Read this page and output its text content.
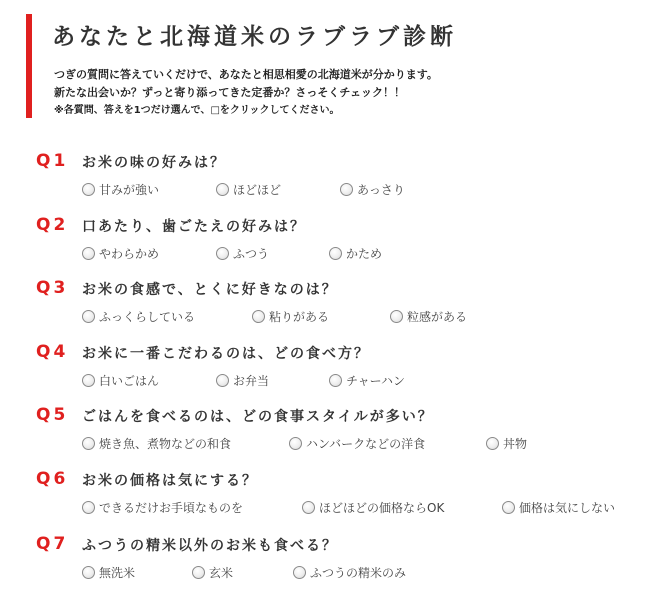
あなたと北海道米のラブラブ診断
つぎの質問に答えていくだけで、あなたと相思相愛の北海道米が分かります。
新たな出会いか？ずっと寄り添ってきた定番か？さっそくチェック！！
※各質問、答えを1つだけ選んで、□をクリックしてください。
Q1 お米の味の好みは？
甘みが強い	ほどほど	あっさり
Q2 口あたり、歯ごたえの好みは？
やわらかめ	ふつう	かため
Q3 お米の食感で、とくに好きなのは？
ふっくらしている	粘りがある	粒感がある
Q4 お米に一番こだわるのは、どの食べ方？
白いごはん	お弁当	チャーハン
Q5 ごはんを食べるのは、どの食事スタイルが多い？
焼き魚、煮物などの和食	ハンバークなどの洋食	丼物
Q6 お米の価格は気にする？
できるだけお手頃なものを	ほどほどの価格ならOK	価格は気にしない
Q7 ふつうの精米以外のお米も食べる？
無洗米	玄米	ふつうの精米のみ
